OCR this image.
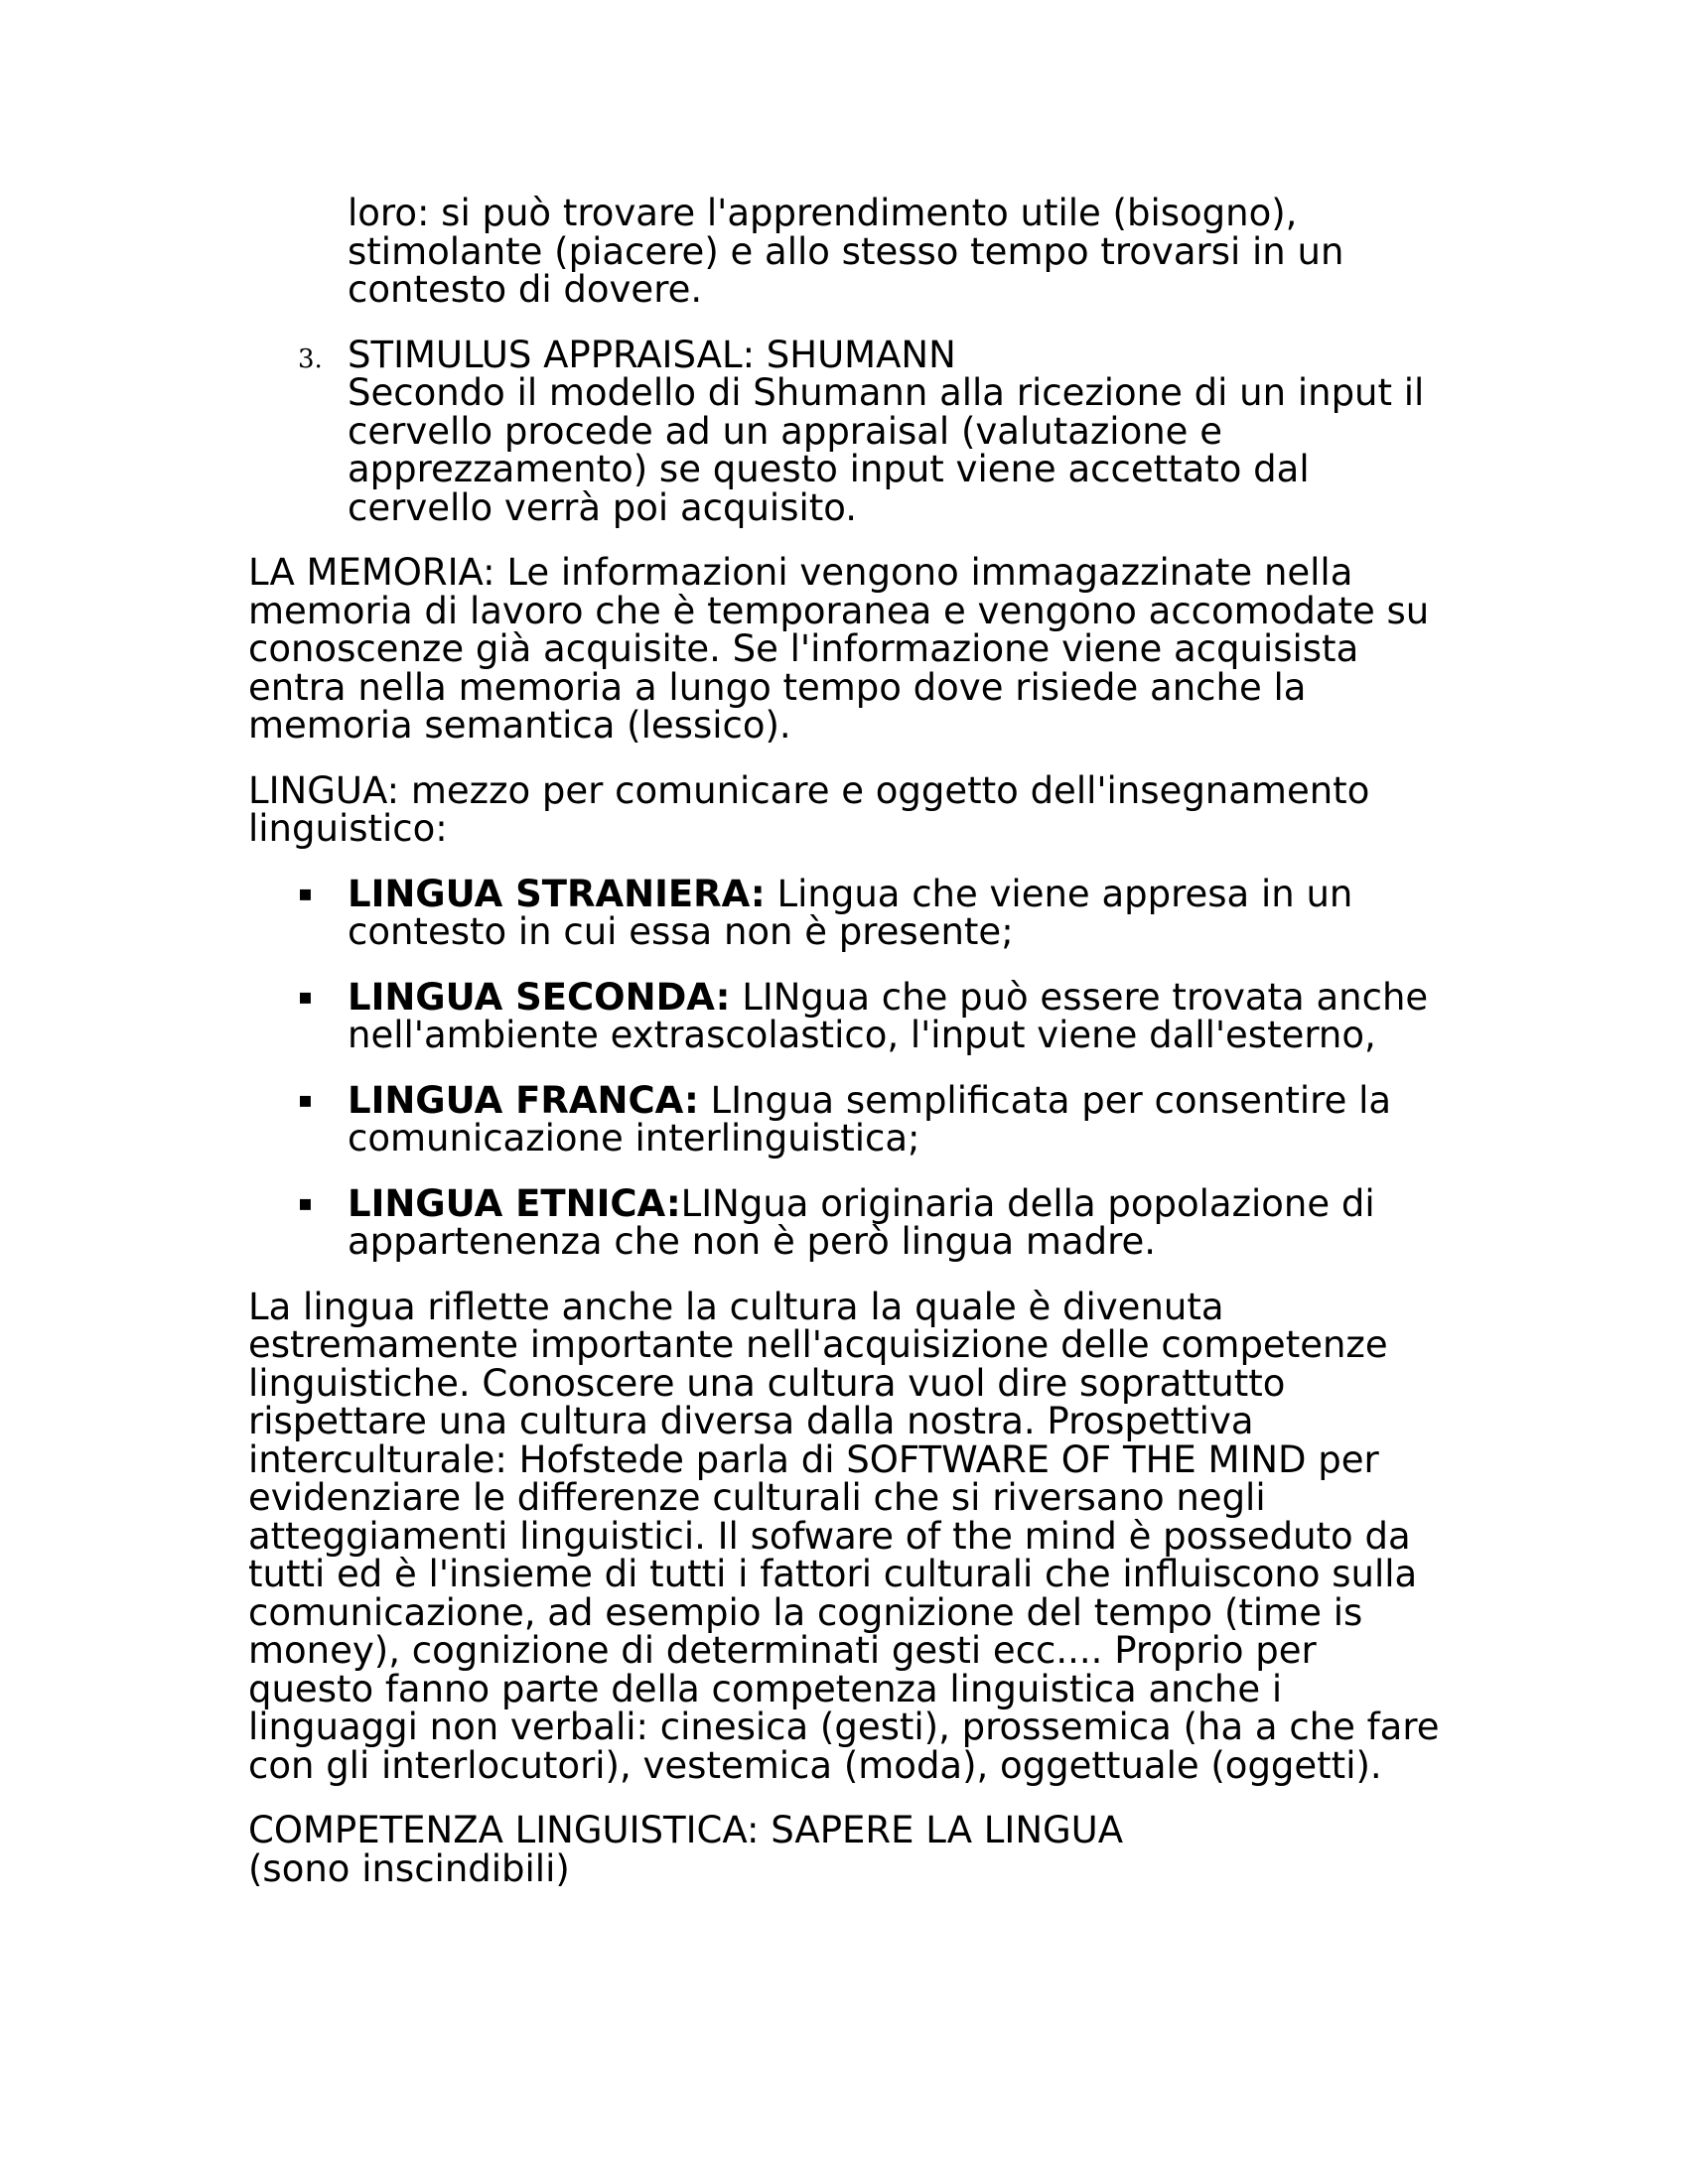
loro: si può trovare l'apprendimento utile (bisogno), stimolante (piacere) e allo stesso tempo trovarsi in un contesto di dovere.

3. STIMULUS APPRAISAL: SHUMANN

Secondo il modello di Shumann alla ricezione di un input il cervello procede ad un appraisal (valutazione e apprezzamento) se questo input viene accettato dal cervello verrà poi acquisito.

LA MEMORIA: Le informazioni vengono immagazzinate nella memoria di lavoro che è temporanea e vengono accomodate su conoscenze già acquisite. Se l'informazione viene acquisista entra nella memoria a lungo tempo dove risiede anche la memoria semantica (lessico).

LINGUA: mezzo per comunicare e oggetto dell'insegnamento linguistico:

▪ LINGUA STRANIERA: Lingua che viene appresa in un contesto in cui essa non è presente;

▪ LINGUA SECONDA: LINgua che può essere trovata anche nell'ambiente extrascolastico, l'input viene dall'esterno,

▪ LINGUA FRANCA: LIngua semplificata per consentire la comunicazione interlinguistica;

▪ LINGUA ETNICA:LINgua originaria della popolazione di appartenenza che non è però lingua madre.

La lingua riflette anche la cultura la quale è divenuta estremamente importante nell'acquisizione delle competenze linguistiche. Conoscere una cultura vuol dire soprattutto rispettare una cultura diversa dalla nostra. Prospettiva interculturale: Hofstede parla di SOFTWARE OF THE MIND per evidenziare le differenze culturali che si riversano negli atteggiamenti linguistici. Il sofware of the mind è posseduto da tutti ed è l'insieme di tutti i fattori culturali che influiscono sulla comunicazione, ad esempio la cognizione del tempo (time is money), cognizione di determinati gesti ecc.... Proprio per questo fanno parte della competenza linguistica anche i linguaggi non verbali: cinesica (gesti), prossemica (ha a che fare con gli interlocutori), vestemica (moda), oggettuale (oggetti).

COMPETENZA LINGUISTICA: SAPERE LA LINGUA

(sono inscindibili)
